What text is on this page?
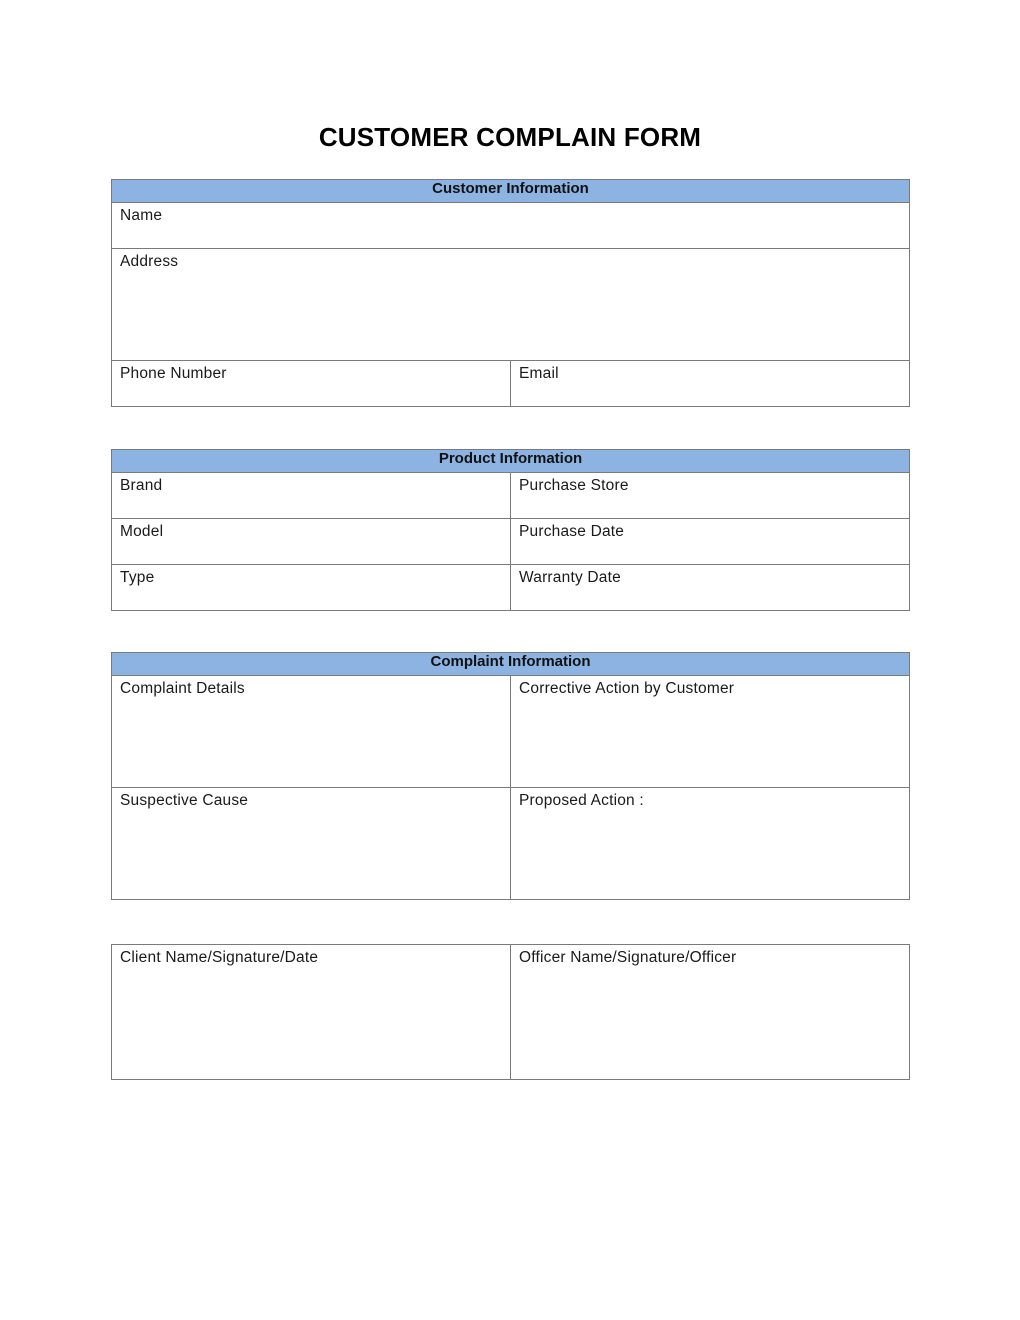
CUSTOMER COMPLAIN FORM
Customer Information

Name

Address

Phone Number	Email
Product Information	

Brand	Purchase Store

Model	Purchase Date

Type	Warranty Date
Complaint Information	

Complaint Details	Corrective Action by Customer

Suspective Cause	Proposed Action :
Client Name/Signature/Date	Officer Name/Signature/Officer
